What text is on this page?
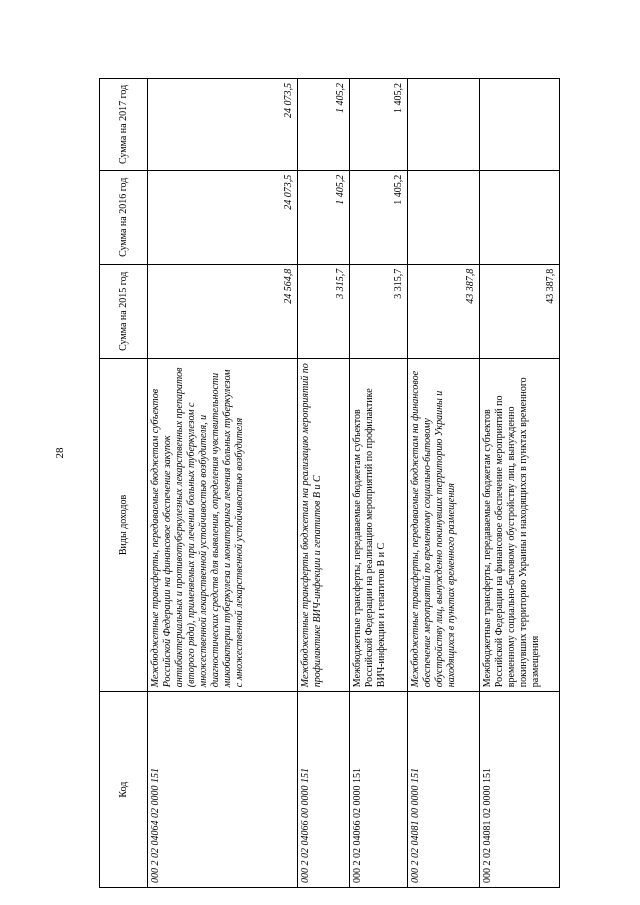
28
Код	Виды доходов	Сумма на 2015 год	Сумма на 2016 год	Сумма на 2017 год
000 2 02 04064 02 0000 151	Межбюджетные трансферты, передаваемые бюджетам субъектов Российской Федерации на финансовое обеспечение закупок антибактериальных и противотуберкулезных лекарственных препаратов (второго ряда), применяемых при лечении больных туберкулезом с множественной лекарственной устойчивостью возбудителя, и диагностических средств для выявления, определения чувствительности микобактерии туберкулеза и мониторинга лечения больных туберкулезом с множественной лекарственной устойчивостью возбудителя	24 564,8	24 073,5	24 073,5
000 2 02 04066 00 0000 151	Межбюджетные трансферты бюджетам на реализацию мероприятий по профилактике ВИЧ-инфекции и гепатитов B и C	3 315,7	1 405,2	1 405,2
000 2 02 04066 02 0000 151	Межбюджетные трансферты, передаваемые бюджетам субъектов Российской Федерации на реализацию мероприятий по профилактике ВИЧ-инфекции и гепатитов B и C	3 315,7	1 405,2	1 405,2
000 2 02 04081 00 0000 151	Межбюджетные трансферты, передаваемые бюджетам на финансовое обеспечение мероприятий по временному социально-бытовому обустройству лиц, вынужденно покинувших территорию Украины и находящихся в пунктах временного размещения	43 387,8		
000 2 02 04081 02 0000 151	Межбюджетные трансферты, передаваемые бюджетам субъектов Российской Федерации на финансовое обеспечение мероприятий по временному социально-бытовому обустройству лиц, вынужденно покинувших территорию Украины и находящихся в пунктах временного размещения	43 387,8		
